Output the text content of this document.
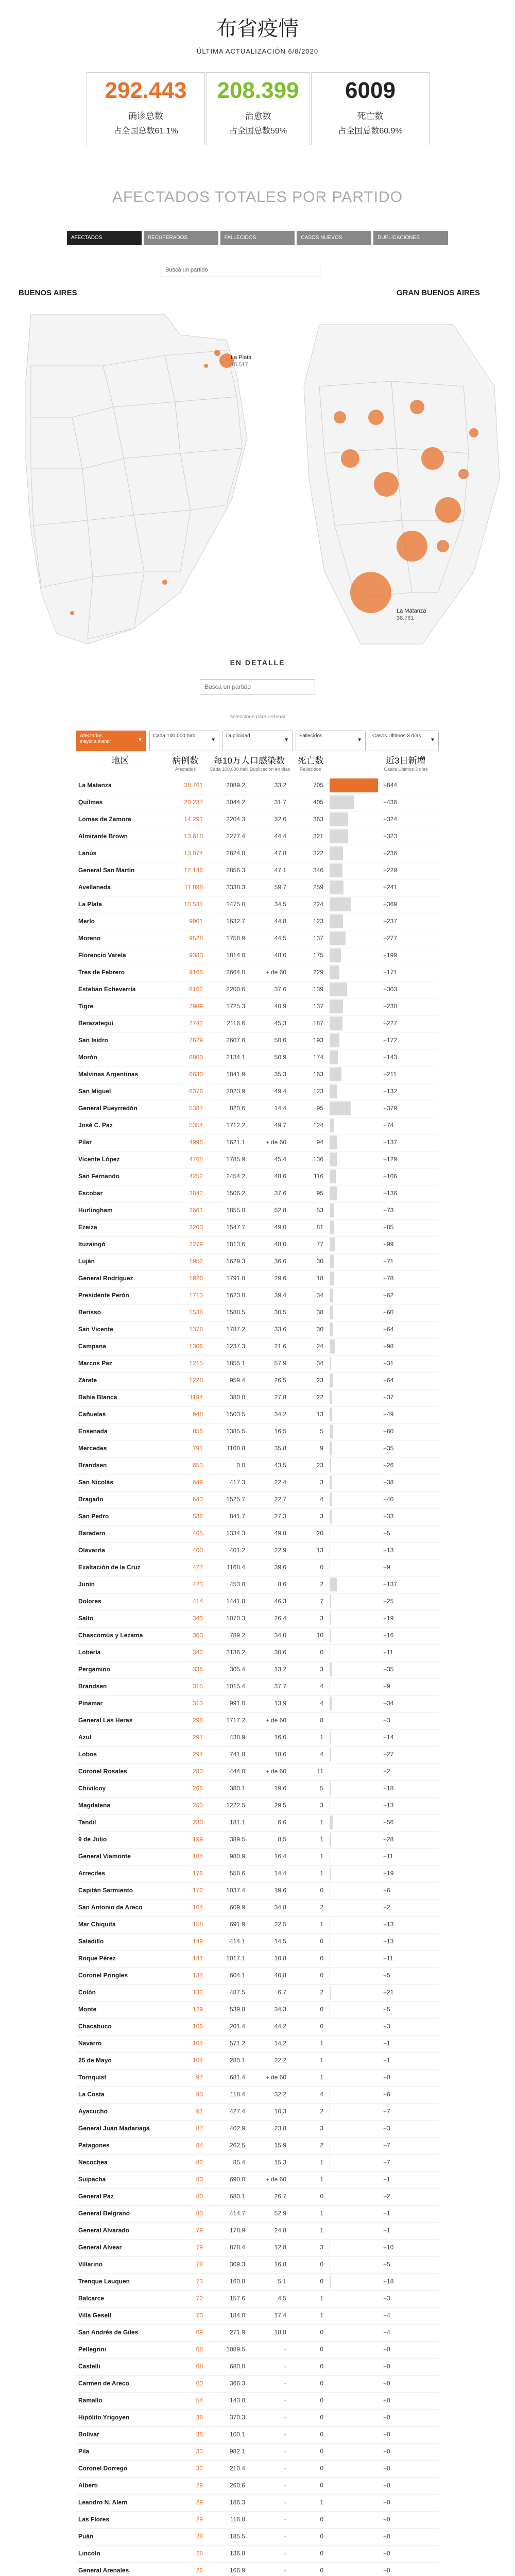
布省疫情
ÚLTIMA ACTUALIZACIÓN 6/8/2020
292.443
确诊总数
占全国总数61.1%
208.399
治愈数
占全国总数59%
6009
死亡数
占全国总数60.9%
AFECTADOS TOTALES POR PARTIDO
AFECTADOS	RECUPERADOS	FALLECIDOS	CASOS NUEVOS	DUPLICACIONES
Buscá un partido
BUENOS AIRES	GRAN BUENOS AIRES
La Plata
15.517
La Matanza
38.761
EN DETALLE
Buscá un partido
Seleccione para ordenar
Afectados
mayor a menor	▼
Cada 100.000 hab
▼
Duplicidad
▼
Fallecidos
▼
Casos Últimos 3 días
▼
地区	病例数	每10万人口感染数	死亡数	近3日新增
Afectados	Cada 100.000 hab Duplicación en días	Fallecidos	Casos Últimos 3 días
La Matanza	38.761	2089.2	33.2	705	+844
Quilmes	20.237	3044.2	31.7	405	+436
Lomas de Zamora	14.291	2204.3	32.6	363	+324
Almirante Brown	13.618	2277.4	44.4	321	+323
Lanús	13.074	2824.8	47.8	322	+236
General San Martín	12.146	2856.3	47.1	346	+229
Avellaneda	11.898	3338.3	59.7	259	+241
La Plata	10.531	1475.0	34.5	224	+369
Merlo	9901	1632.7	44.8	123	+237
Moreno	9528	1758.9	44.5	137	+277
Florencio Varela	9380	1814.0	48.6	175	+199
Tres de Febrero	9166	2664.0	+ de 60	229	+171
Esteban Echeverría	8162	2200.6	37.6	139	+303
Tigre	7989	1725.3	40.9	137	+230
Berazategui	7742	2116.6	45.3	187	+227
San Isidro	7629	2607.6	50.6	193	+172
Morón	6800	2134.1	50.9	174	+143
Malvinas Argentinas	6630	1841.9	35.3	163	+211
San Miguel	6376	2023.9	49.4	123	+132
General Pueyrredón	5387	820.6	14.4	95	+379
José C. Paz	5354	1712.2	49.7	124	+74
Pilar	4996	1621.1	+ de 60	94	+137
Vicente López	4768	1785.9	45.4	136	+129
San Fernando	4252	2454.2	48.6	116	+106
Escobar	3842	1506.2	37.6	95	+136
Hurlingham	3661	1855.0	52.8	53	+73
Ezeiza	3200	1547.7	49.0	81	+85
Ituzaingó	2279	1813.6	48.0	77	+99
Luján	1952	1629.3	36.6	30	+71
General Rodríguez	1926	1791.8	29.6	18	+78
Presidente Perón	1713	1623.0	39.4	34	+62
Berisso	1538	1588.5	30.5	38	+60
San Vicente	1378	1787.2	33.6	30	+64
Campana	1306	1237.3	21.6	24	+98
Marcos Paz	1215	1855.1	57.9	34	+31
Zárate	1228	959.4	26.5	23	+64
Bahía Blanca	1194	380.0	27.8	22	+37
Cañuelas	948	1503.5	34.2	13	+49
Ensenada	856	1385.5	16.5	5	+60
Mercedes	791	1108.8	35.8	9	+35
Brandsen	653	0.0	43.5	23	+26
San Nicolás	649	417.3	22.4	3	+38
Bragado	643	1525.7	22.7	4	+40
San Pedro	536	841.7	27.3	3	+33
Baradero	465	1334.3	49.8	20	+5
Olavarría	460	401.2	22.9	13	+13
Exaltación de la Cruz	427	1168.4	39.6	0	+9
Junín	423	453.0	8.6	2	+137
Dolores	414	1441.8	46.3	7	+25
Salto	343	1070.3	26.4	3	+19
Chascomús y Lezama	360	789.2	34.0	10	+16
Lobería	342	3136.2	30.6	0	+11
Pergamino	336	305.4	13.2	3	+35
Brandsen	315	1015.4	37.7	4	+9
Pinamar	313	991.0	13.9	4	+34
General Las Heras	296	1717.2	+ de 60	8	+3
Azul	297	438.9	16.0	1	+14
Lobos	294	741.8	18.6	4	+27
Coronel Rosales	283	444.0	+ de 60	11	+2
Chivilcoy	266	380.1	19.6	5	+18
Magdalena	252	1222.5	29.5	3	+13
Tandil	230	181.1	6.6	1	+56
9 de Julio	199	389.5	8.5	1	+28
General Viamonte	184	980.9	16.4	1	+11
Arrecifes	176	558.6	14.4	1	+19
Capitán Sarmiento	172	1037.4	19.6	0	+6
San Antonio de Areco	164	609.9	34.8	2	+2
Mar Chiquita	158	691.9	22.5	1	+13
Saladillo	149	414.1	14.5	0	+13
Roque Pérez	141	1017.1	10.8	0	+11
Coronel Pringles	134	604.1	40.8	0	+5
Colón	132	487.5	6.7	2	+21
Monte	129	539.8	34.3	0	+5
Chacabuco	106	201.4	44.2	0	+3
Navarro	104	571.2	14.2	1	+1
25 de Mayo	104	280.1	22.2	1	+1
Tornquist	97	681.4	+ de 60	1	+0
La Costa	93	118.4	32.2	4	+6
Ayacucho	91	427.4	10.3	2	+7
General Juan Madariaga	87	402.9	23.8	3	+3
Patagones	84	262.5	15.9	2	+7
Necochea	82	85.4	15.3	1	+7
Suipacha	80	690.0	+ de 60	1	+1
General Paz	80	680.1	26.7	0	+2
General Belgrano	80	414.7	52.9	1	+1
General Alvarado	79	178.9	24.8	1	+1
General Alvear	79	878.4	12.8	3	+10
Villarino	78	309.3	16.8	0	+5
Trenque Lauquen	73	160.8	5.1	0	+18
Balcarce	72	157.6	4.5	1	+3
Villa Gesell	70	184.0	17.4	1	+4
San Andrés de Giles	69	271.9	18.8	0	+4
Pellegrini	68	1089.5	-	0	+0
Castelli	68	680.0	-	0	+0
Carmen de Areco	60	366.3	-	0	+0
Ramallo	54	143.0	-	0	+0
Hipólito Yrigoyen	38	370.3	-	0	+0
Bolívar	38	100.1	-	0	+0
Pila	33	982.1	-	0	+0
Coronel Dorrego	32	210.4	-	0	+0
Alberti	29	260.6	-	0	+0
Leandro N. Alem	29	186.3	-	1	+0
Las Flores	29	116.8	-	0	+0
Puán	28	185.5	-	0	+0
Lincoln	28	136.8	-	0	+0
General Arenales	26	166.9	-	0	+0
